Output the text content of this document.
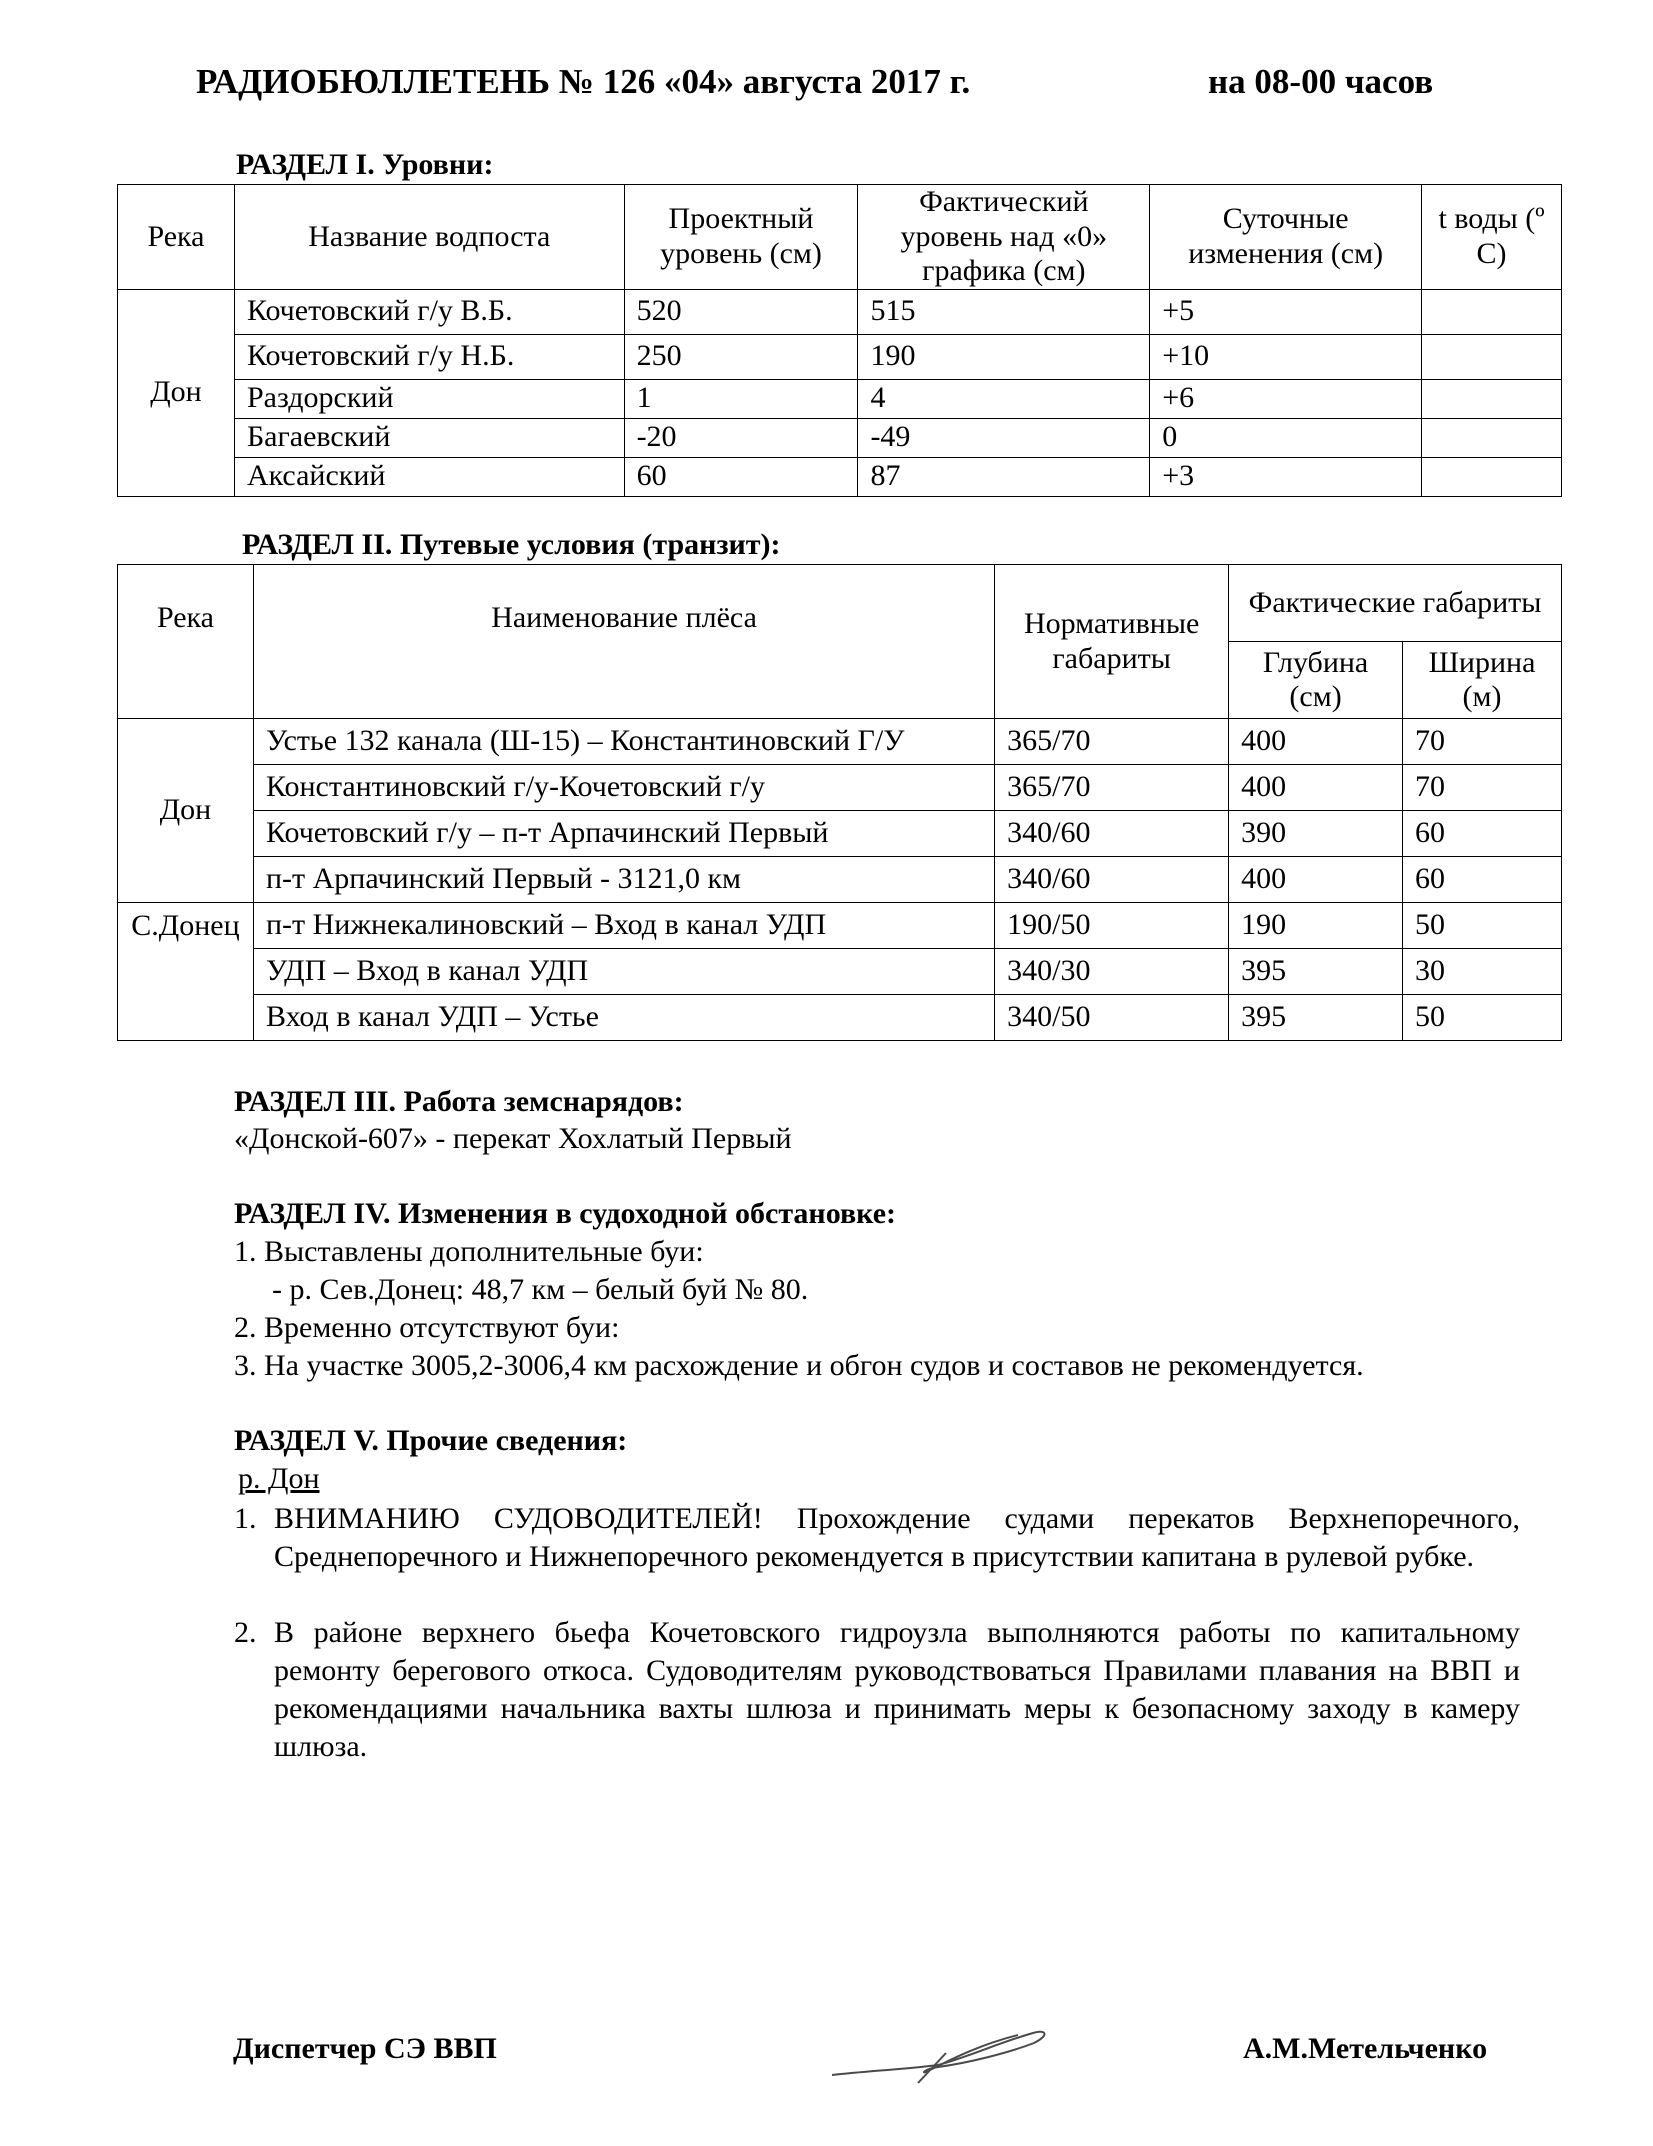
РАДИОБЮЛЛЕТЕНЬ № 126 «04» августа 2017 г.	на 08-00 часов
РАЗДЕЛ I. Уровни:
Река	Название водпоста	Проектный уровень (см)	Фактический уровень над «0» графика (см)	Суточные изменения (см)	t воды (º С)
Дон	Кочетовский г/у В.Б.	520	515	+5	
	Кочетовский г/у Н.Б.	250	190	+10	
	Раздорский	1	4	+6	
	Багаевский	-20	-49	0	
	Аксайский	60	87	+3	
РАЗДЕЛ II. Путевые условия (транзит):
Река	Наименование плёса	Нормативные габариты	Фактические габариты	
			Глубина (см)	Ширина (м)
Дон	Устье 132 канала (Ш-15) – Константиновский Г/У	365/70	400	70
	Константиновский г/у-Кочетовский г/у	365/70	400	70
	Кочетовский г/у – п-т Арпачинский Первый	340/60	390	60
	п-т Арпачинский Первый - 3121,0 км	340/60	400	60
С.Донец	п-т Нижнекалиновский – Вход в канал УДП	190/50	190	50
	УДП – Вход в канал УДП	340/30	395	30
	Вход в канал УДП – Устье	340/50	395	50
РАЗДЕЛ III. Работа земснарядов:
«Донской-607» - перекат Хохлатый Первый
РАЗДЕЛ IV. Изменения в судоходной обстановке:
1. Выставлены дополнительные буи:
- р. Сев.Донец: 48,7 км – белый буй № 80.
2. Временно отсутствуют буи:
3. На участке 3005,2-3006,4 км расхождение и обгон судов и составов не рекомендуется.
РАЗДЕЛ V. Прочие сведения:
р. Дон
1. ВНИМАНИЮ СУДОВОДИТЕЛЕЙ! Прохождение судами перекатов Верхнепоречного, Среднепоречного и Нижнепоречного рекомендуется в присутствии капитана в рулевой рубке.
2. В районе верхнего бьефа Кочетовского гидроузла выполняются работы по капитальному ремонту берегового откоса. Судоводителям руководствоваться Правилами плавания на ВВП и рекомендациями начальника вахты шлюза и принимать меры к безопасному заходу в камеру шлюза.
Диспетчер СЭ ВВП	А.М.Метельченко
